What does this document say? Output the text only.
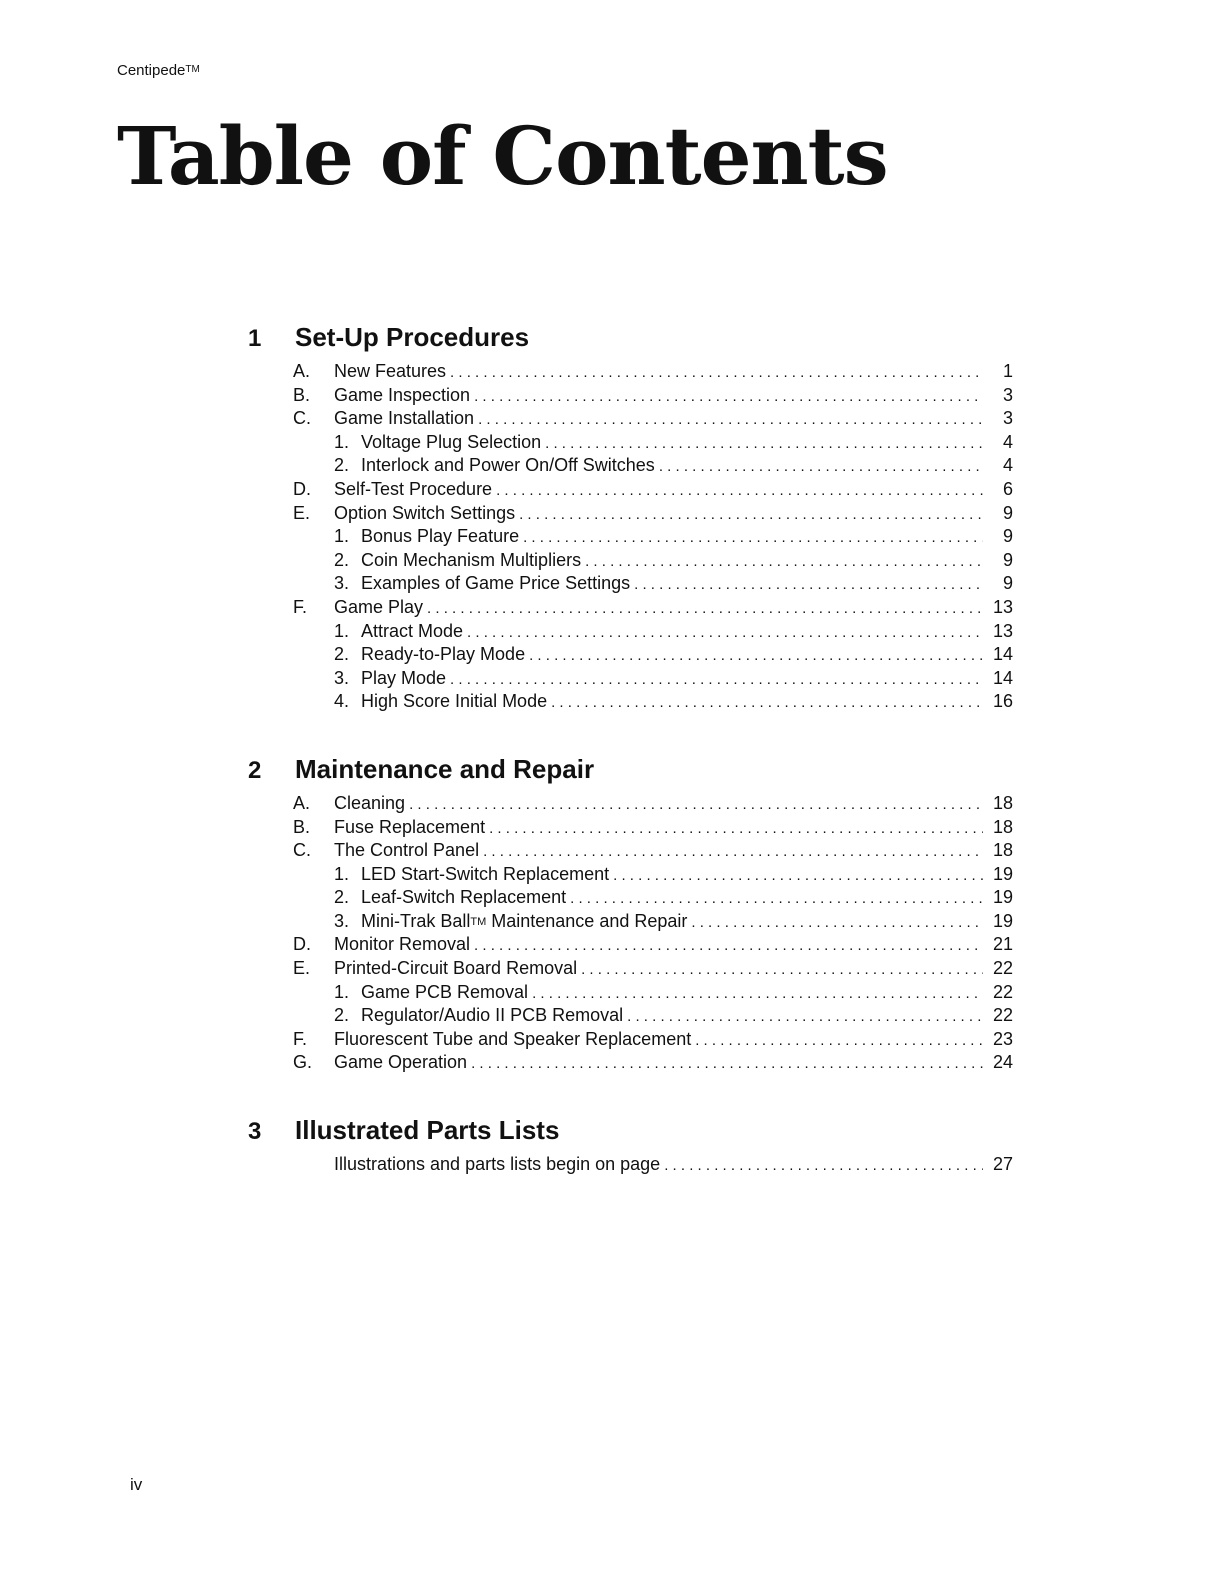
Centipede™
Table of Contents
1	Set-Up Procedures
A.	New Features . . .	1
B.	Game Inspection . . .	3
C.	Game Installation . . .	3
1. Voltage Plug Selection . . .	4
2. Interlock and Power On/Off Switches . . .	4
D.	Self-Test Procedure . . .	6
E.	Option Switch Settings . . .	9
1. Bonus Play Feature . . .	9
2. Coin Mechanism Multipliers . . .	9
3. Examples of Game Price Settings . . .	9
F.	Game Play . . .	13
1. Attract Mode . . .	13
2. Ready-to-Play Mode . . .	14
3. Play Mode . . .	14
4. High Score Initial Mode . . .	16
2	Maintenance and Repair
A.	Cleaning . . .	18
B.	Fuse Replacement . . .	18
C.	The Control Panel . . .	18
1. LED Start-Switch Replacement . . .	19
2. Leaf-Switch Replacement . . .	19
3. Mini-Trak Ball™ Maintenance and Repair . . .	19
D.	Monitor Removal . . .	21
E.	Printed-Circuit Board Removal . . .	22
1. Game PCB Removal . . .	22
2. Regulator/Audio II PCB Removal . . .	22
F.	Fluorescent Tube and Speaker Replacement . . .	23
G.	Game Operation . . .	24
3	Illustrated Parts Lists
Illustrations and parts lists begin on page . . .	27
iv
